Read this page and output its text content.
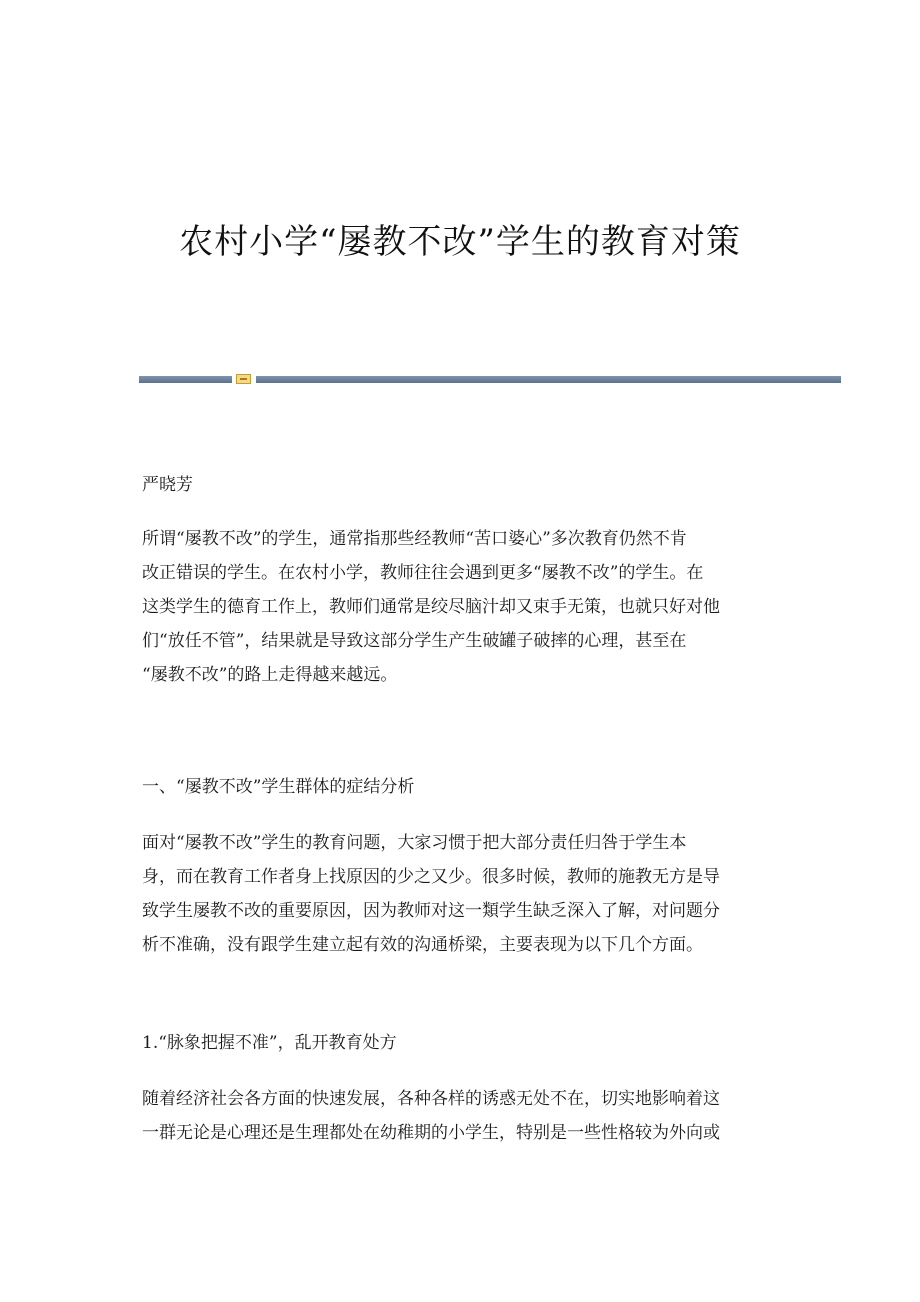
农村小学“屡教不改”学生的教育对策

严晓芳

所谓“屡教不改”的学生，通常指那些经教师“苦口婆心”多次教育仍然不肯
改正错误的学生。在农村小学，教师往往会遇到更多“屡教不改”的学生。在
这类学生的德育工作上，教师们通常是绞尽脑汁却又束手无策，也就只好对他
们“放任不管”，结果就是导致这部分学生产生破罐子破摔的心理，甚至在
“屡教不改”的路上走得越来越远。
一、“屡教不改”学生群体的症结分析
面对“屡教不改”学生的教育问题，大家习惯于把大部分责任归咎于学生本
身，而在教育工作者身上找原因的少之又少。很多时候，教师的施教无方是导
致学生屡教不改的重要原因，因为教师对这一類学生缺乏深入了解，对问题分
析不准确，没有跟学生建立起有效的沟通桥梁，主要表现为以下几个方面。
1.“脉象把握不准”，乱开教育处方
随着经济社会各方面的快速发展，各种各样的诱惑无处不在，切实地影响着这
一群无论是心理还是生理都处在幼稚期的小学生，特别是一些性格较为外向或
